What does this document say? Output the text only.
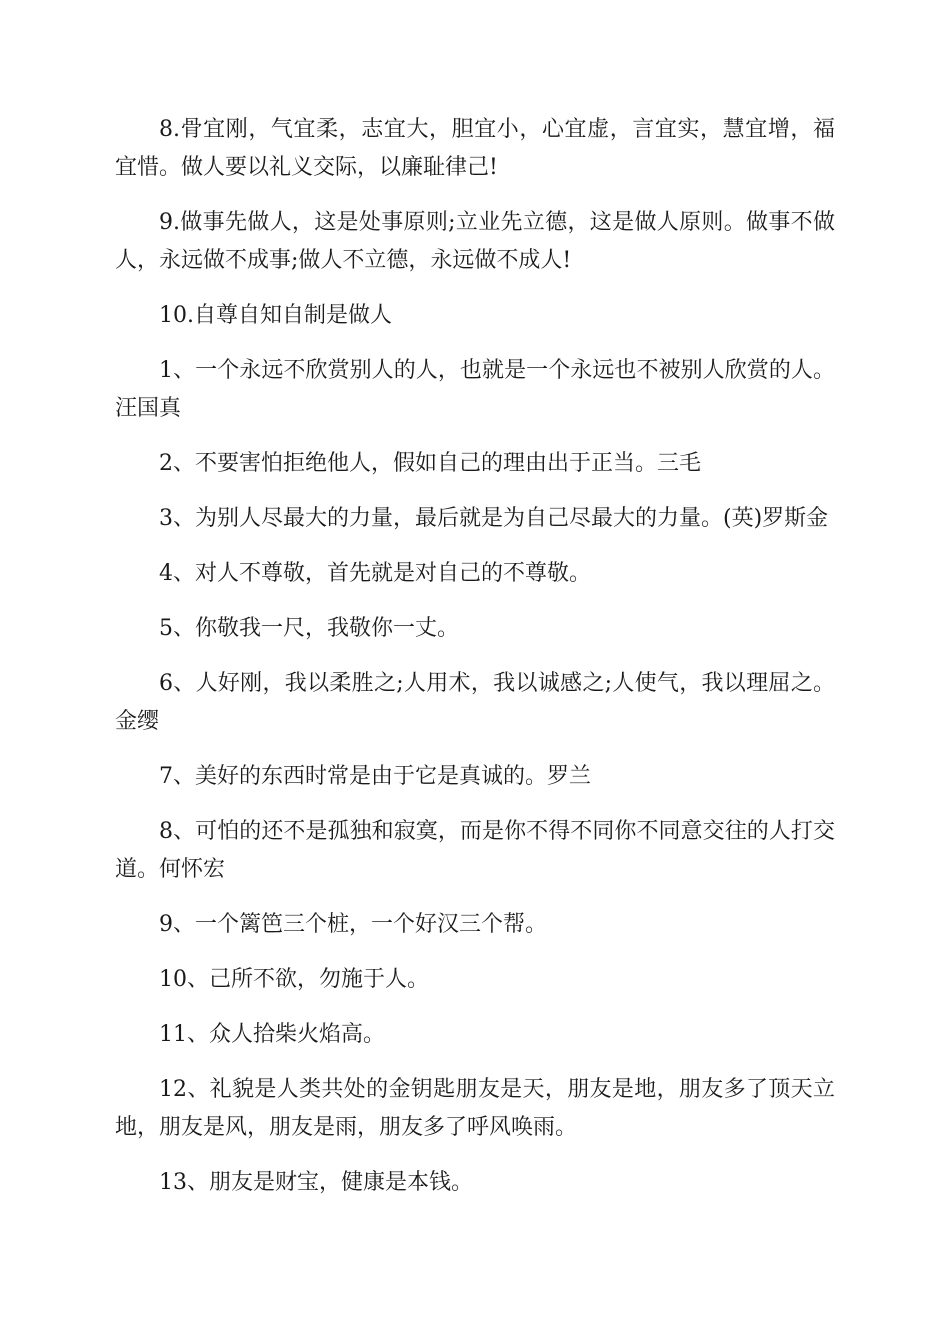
8.骨宜刚，气宜柔，志宜大，胆宜小，心宜虚，言宜实，慧宜增，福宜惜。做人要以礼义交际，以廉耻律己!

9.做事先做人，这是处事原则;立业先立德，这是做人原则。做事不做人，永远做不成事;做人不立德，永远做不成人!

10.自尊自知自制是做人

1、一个永远不欣赏别人的人，也就是一个永远也不被别人欣赏的人。汪国真

2、不要害怕拒绝他人，假如自己的理由出于正当。三毛

3、为别人尽最大的力量，最后就是为自己尽最大的力量。(英)罗斯金

4、对人不尊敬，首先就是对自己的不尊敬。

5、你敬我一尺，我敬你一丈。

6、人好刚，我以柔胜之;人用术，我以诚感之;人使气，我以理屈之。金缨

7、美好的东西时常是由于它是真诚的。罗兰

8、可怕的还不是孤独和寂寞，而是你不得不同你不同意交往的人打交道。何怀宏

9、一个篱笆三个桩，一个好汉三个帮。

10、己所不欲，勿施于人。

11、众人拾柴火焰高。

12、礼貌是人类共处的金钥匙朋友是天，朋友是地，朋友多了顶天立地，朋友是风，朋友是雨，朋友多了呼风唤雨。

13、朋友是财宝，健康是本钱。
